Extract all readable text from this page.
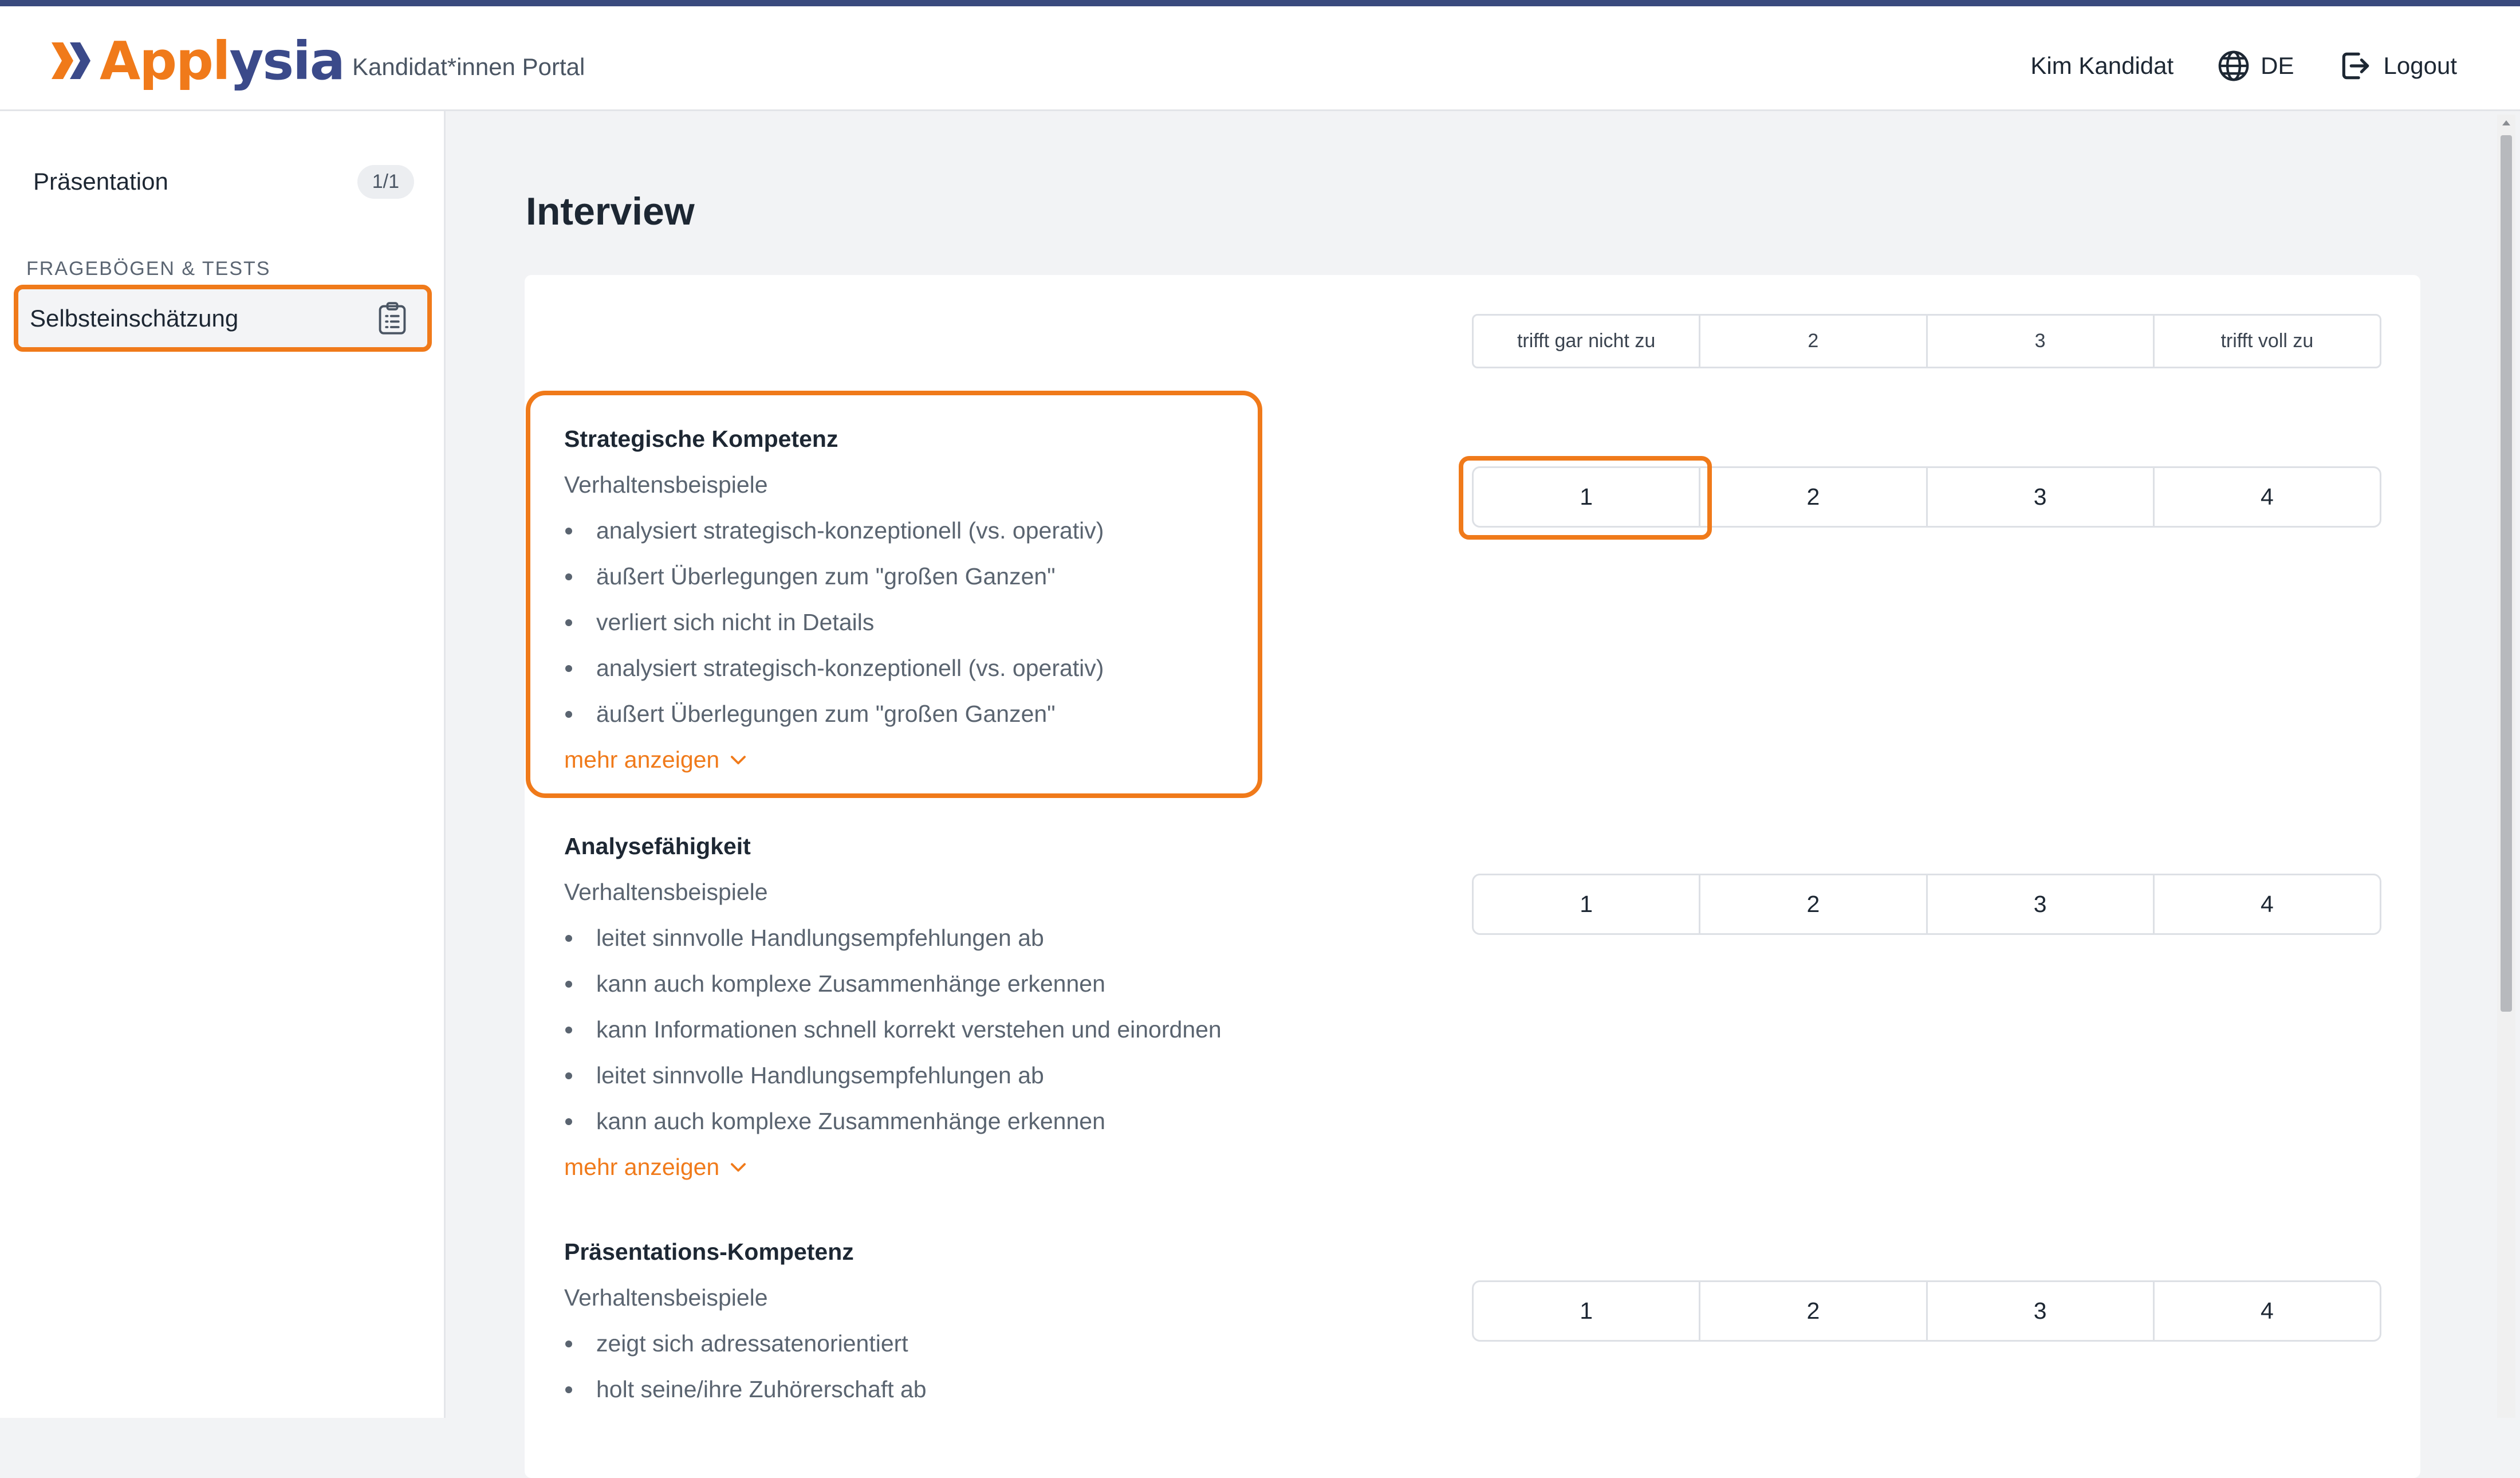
Applysia Kandidat*innen Portal	Kim Kandidat	DE	Logout
Präsentation	1/1
FRAGEBÖGEN & TESTS
Selbsteinschätzung
Interview
trifft gar nicht zu	2	3	trifft voll zu
Strategische Kompetenz
Verhaltensbeispiele
analysiert strategisch-konzeptionell (vs. operativ)
äußert Überlegungen zum "großen Ganzen"
verliert sich nicht in Details
analysiert strategisch-konzeptionell (vs. operativ)
äußert Überlegungen zum "großen Ganzen"
mehr anzeigen
1	2	3	4
Analysefähigkeit
Verhaltensbeispiele
leitet sinnvolle Handlungsempfehlungen ab
kann auch komplexe Zusammenhänge erkennen
kann Informationen schnell korrekt verstehen und einordnen
leitet sinnvolle Handlungsempfehlungen ab
kann auch komplexe Zusammenhänge erkennen
mehr anzeigen
1	2	3	4
Präsentations-Kompetenz
Verhaltensbeispiele
zeigt sich adressatenorientiert
holt seine/ihre Zuhörerschaft ab
1	2	3	4
